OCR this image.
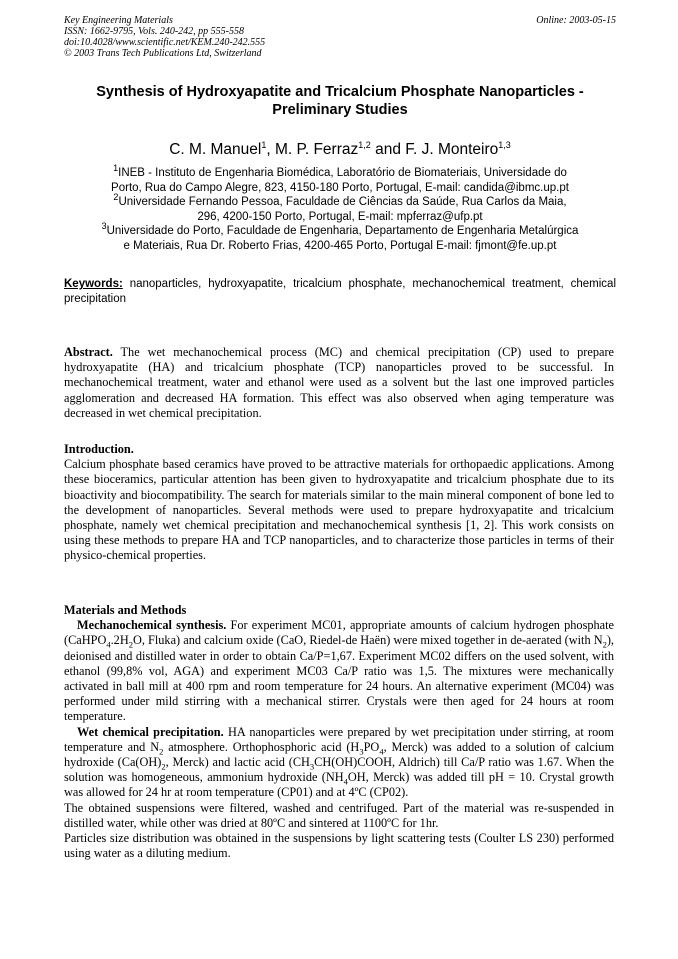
Key Engineering Materials
ISSN: 1662-9795, Vols. 240-242, pp 555-558
doi:10.4028/www.scientific.net/KEM.240-242.555
© 2003 Trans Tech Publications Ltd, Switzerland
Online: 2003-05-15
Synthesis of Hydroxyapatite and Tricalcium Phosphate Nanoparticles -
Preliminary Studies
C. M. Manuel$^1$, M. P. Ferraz$^{1,2}$ and F. J. Monteiro$^{1,3}$

$^1$INEB - Instituto de Engenharia Biomédica, Laboratório de Biomateriais, Universidade do

Porto, Rua do Campo Alegre, 823, 4150-180 Porto, Portugal, E-mail: candida@ibmc.up.pt

$^2$Universidade Fernando Pessoa, Faculdade de Ciências da Saúde, Rua Carlos da Maia,

296, 4200-150 Porto, Portugal, E-mail: mpferraz@ufp.pt

$^3$Universidade do Porto, Faculdade de Engenharia, Departamento de Engenharia Metalúrgica

e Materiais, Rua Dr. Roberto Frias, 4200-465 Porto, Portugal E-mail: fjmont@fe.up.pt

Keywords: nanoparticles, hydroxyapatite, tricalcium phosphate, mechanochemical treatment, chemical precipitation

Abstract. The wet mechanochemical process (MC) and chemical precipitation (CP) used to prepare hydroxyapatite (HA) and tricalcium phosphate (TCP) nanoparticles proved to be successful. In mechanochemical treatment, water and ethanol were used as a solvent but the last one improved particles agglomeration and decreased HA formation. This effect was also observed when aging temperature was decreased in wet chemical precipitation.

Introduction.

Calcium phosphate based ceramics have proved to be attractive materials for orthopaedic applications. Among these bioceramics, particular attention has been given to hydroxyapatite and tricalcium phosphate due to its bioactivity and biocompatibility. The search for materials similar to the main mineral component of bone led to the development of nanoparticles. Several methods were used to prepare hydroxyapatite and tricalcium phosphate, namely wet chemical precipitation and mechanochemical synthesis [1, 2]. This work consists on using these methods to prepare HA and TCP nanoparticles, and to characterize those particles in terms of their physico-chemical properties.

Materials and Methods

Mechanochemical synthesis. For experiment MC01, appropriate amounts of calcium hydrogen phosphate ($CaHPO_4.2H_2O$, Fluka) and calcium oxide (CaO, Riedel-de Haën) were mixed together in de-aerated (with $N_2$), deionised and distilled water in order to obtain Ca/P=1,67. Experiment MC02 differs on the used solvent, with ethanol (99,8% vol, AGA) and experiment MC03 Ca/P ratio was 1,5. The mixtures were mechanically activated in ball mill at 400 rpm and room temperature for 24 hours. An alternative experiment (MC04) was performed under mild stirring with a mechanical stirrer. Crystals were then aged for 24 hours at room temperature.

Wet chemical precipitation. HA nanoparticles were prepared by wet precipitation under stirring, at room temperature and $N_2$ atmosphere. Orthophosphoric acid ($H_3PO_4$, Merck) was added to a solution of calcium hydroxide ($Ca(OH)_2$, Merck) and lactic acid ($CH_3CH(OH)COOH$, Aldrich) till Ca/P ratio was 1.67. When the solution was homogeneous, ammonium hydroxide ($NH_4OH$, Merck) was added till pH = 10. Crystal growth was allowed for 24 hr at room temperature (CP01) and at 4ºC (CP02).

The obtained suspensions were filtered, washed and centrifuged. Part of the material was re-suspended in distilled water, while other was dried at 80ºC and sintered at 1100ºC for 1hr.

Particles size distribution was obtained in the suspensions by light scattering tests (Coulter LS 230) performed using water as a diluting medium.
